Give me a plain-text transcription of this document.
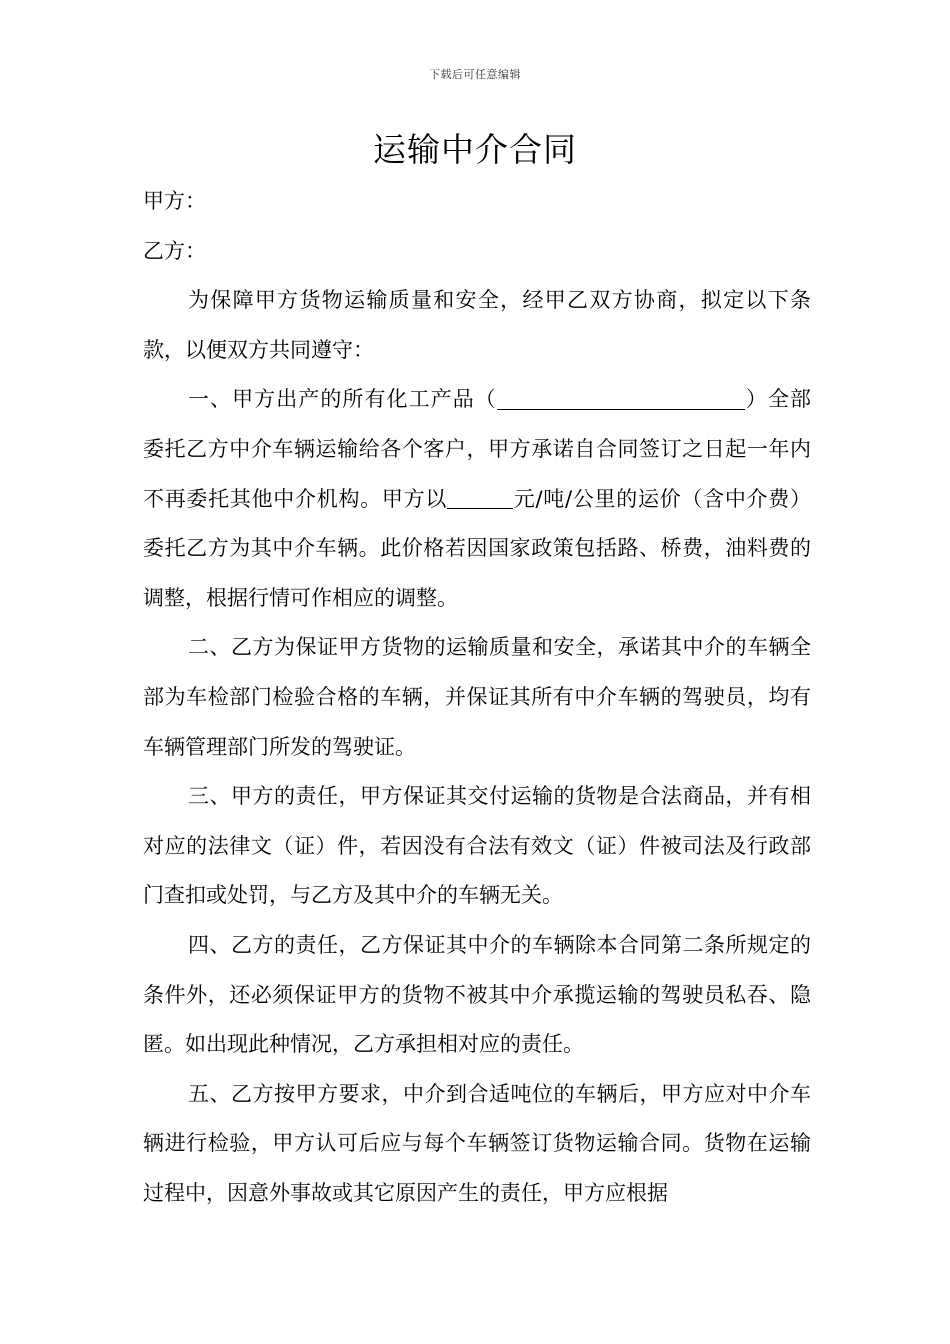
下载后可任意编辑
运输中介合同

甲方：

乙方：

为保障甲方货物运输质量和安全，经甲乙双方协商，拟定以下条款，以便双方共同遵守：

一、甲方出产的所有化工产品（	）全部委托乙方中介车辆运输给各个客户，甲方承诺自合同签订之日起一年内不再委托其他中介机构。甲方以	元/吨/公里的运价（含中介费）委托乙方为其中介车辆。此价格若因国家政策包括路、桥费，油料费的调整，根据行情可作相应的调整。

二、乙方为保证甲方货物的运输质量和安全，承诺其中介的车辆全部为车检部门检验合格的车辆，并保证其所有中介车辆的驾驶员，均有车辆管理部门所发的驾驶证。

三、甲方的责任，甲方保证其交付运输的货物是合法商品，并有相对应的法律文（证）件，若因没有合法有效文（证）件被司法及行政部门查扣或处罚，与乙方及其中介的车辆无关。

四、乙方的责任，乙方保证其中介的车辆除本合同第二条所规定的条件外，还必须保证甲方的货物不被其中介承揽运输的驾驶员私吞、隐匿。如出现此种情况，乙方承担相对应的责任。

五、乙方按甲方要求，中介到合适吨位的车辆后，甲方应对中介车辆进行检验，甲方认可后应与每个车辆签订货物运输合同。货物在运输过程中，因意外事故或其它原因产生的责任，甲方应根据
